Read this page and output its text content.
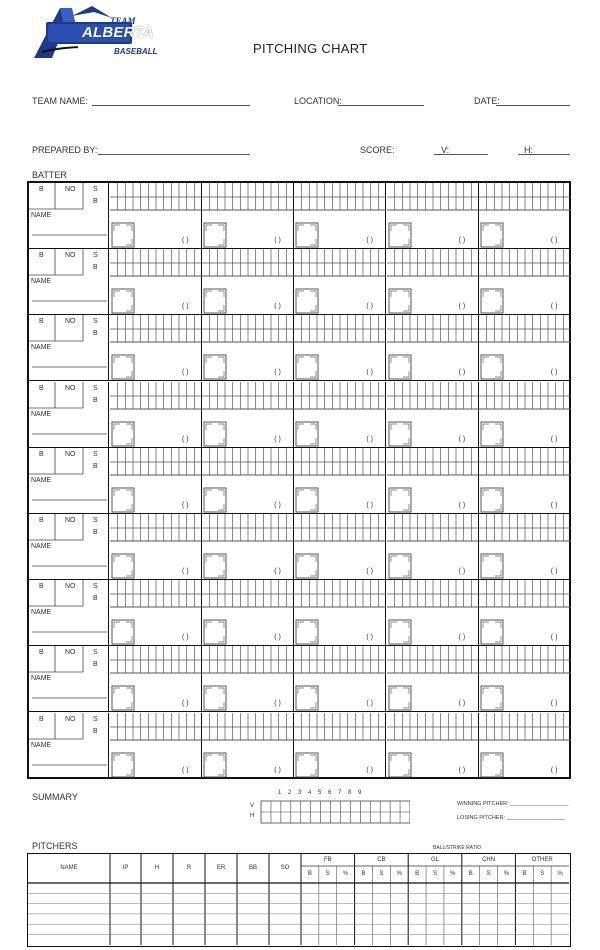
TEAM
ALBERTA
BASEBALL	PITCHING CHART
TEAM NAME:	LOCATION:	DATE:
PREPARED BY:	SCORE:	V:	H:
BATTER
B	NO	S
B
NAME
( )	( )	( )	( )	( )
B	NO	S
B
NAME
( )	( )	( )	( )	( )
B	NO	S
B
NAME
( )	( )	( )	( )	( )
B	NO	S
B
NAME
( )	( )	( )	( )	( )
B	NO	S
B
NAME
( )	( )	( )	( )	( )
B	NO	S
B
NAME
( )	( )	( )	( )	( )
B	NO	S
B
NAME
( )	( )	( )	( )	( )
B	NO	S
B
NAME
( )	( )	( )	( )	( )
B	NO	S
B
NAME
( )	( )	( )	( )	( )
SUMMARY	1 2 3 4 5 6 7 8 9
V
H
WINNING PITCHER: ___________________
LOSING PITCHER: ___________________
PITCHERS	BALL/STRIKE RATIO
NAME	IP	H	R	ER	BB	SO
FB
B	S	%
CB
B	S	%
GL
B	S	%
CHN
B	S	%
OTHER
B	S	%
